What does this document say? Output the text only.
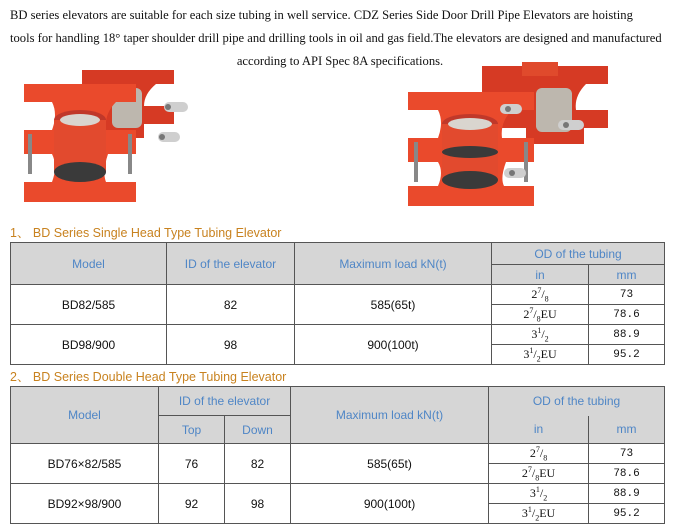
BD series elevators are suitable for each size tubing in well service. CDZ Series Side Door Drill Pipe Elevators are hoisting

tools for handling 18° taper shoulder drill pipe and drilling tools in oil and gas field.The elevators are designed and manufactured

according to API Spec 8A specifications.

1、 BD Series Single Head Type Tubing Elevator
Model	ID of the elevator	Maximum load kN(t)	OD of the tubing	
			in	mm
BD82/585	82	585(65t)	$2^7/_8$	73
			$2^7/_8EU$	78.6
BD98/900	98	900(100t)	$3^1/_2$	88.9
			$3^1/_2EU$	95.2
2、 BD Series Double Head Type Tubing Elevator
Model	ID of the elevator		Maximum load kN(t)	OD of the tubing	
	Top	Down		in	mm
BD76×82/585	76	82	585(65t)	$2^7/_8$	73
				$2^7/_8EU$	78.6
BD92×98/900	92	98	900(100t)	$3^1/_2$	88.9
				$3^1/_2EU$	95.2
